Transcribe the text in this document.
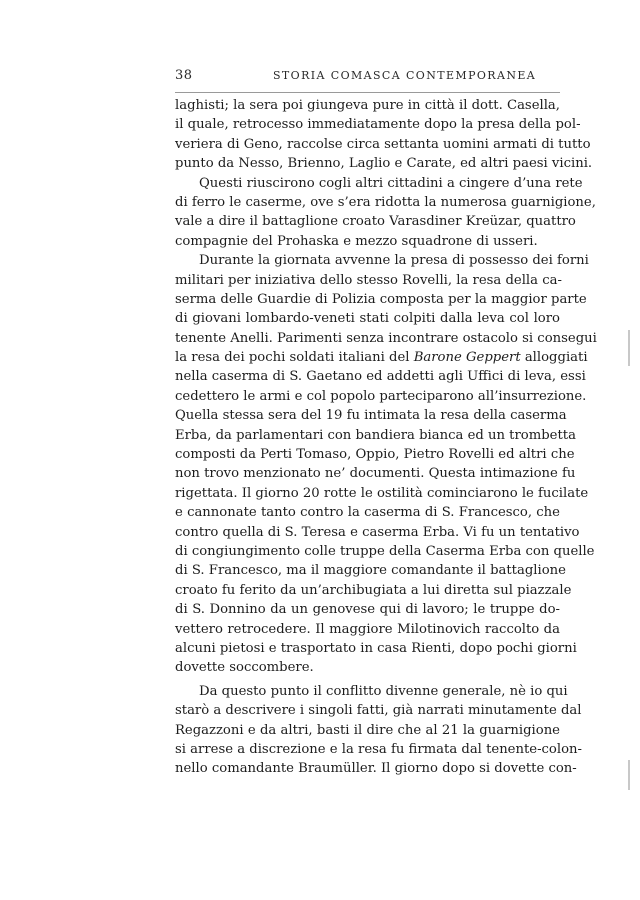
38	STORIA COMASCA CONTEMPORANEA
laghisti; la sera poi giungeva pure in città il dott. Casella,
il quale, retrocesso immediatamente dopo la presa della pol-
veriera di Geno, raccolse circa settanta uomini armati di tutto
punto da Nesso, Brienno, Laglio e Carate, ed altri paesi vicini.
Questi riuscirono cogli altri cittadini a cingere d’una rete
di ferro le caserme, ove s’era ridotta la numerosa guarnigione,
vale a dire il battaglione croato Varasdiner Kreüzar, quattro
compagnie del Prohaska e mezzo squadrone di usseri.
Durante la giornata avvenne la presa di possesso dei forni
militari per iniziativa dello stesso Rovelli, la resa della ca-
serma delle Guardie di Polizia composta per la maggior parte
di giovani lombardo-veneti stati colpiti dalla leva col loro
tenente Anelli. Parimenti senza incontrare ostacolo si consegui
la resa dei pochi soldati italiani del Barone Geppert alloggiati
nella caserma di S. Gaetano ed addetti agli Uffici di leva, essi
cedettero le armi e col popolo parteciparono all’insurrezione.
Quella stessa sera del 19 fu intimata la resa della caserma
Erba, da parlamentari con bandiera bianca ed un trombetta
composti da Perti Tomaso, Oppio, Pietro Rovelli ed altri che
non trovo menzionato ne’ documenti. Questa intimazione fu
rigettata. Il giorno 20 rotte le ostilità cominciarono le fucilate
e cannonate tanto contro la caserma di S. Francesco, che
contro quella di S. Teresa e caserma Erba. Vi fu un tentativo
di congiungimento colle truppe della Caserma Erba con quelle
di S. Francesco, ma il maggiore comandante il battaglione
croato fu ferito da un’archibugiata a lui diretta sul piazzale
di S. Donnino da un genovese qui di lavoro; le truppe do-
vettero retrocedere. Il maggiore Milotinovich raccolto da
alcuni pietosi e trasportato in casa Rienti, dopo pochi giorni
dovette soccombere.
Da questo punto il conflitto divenne generale, nè io qui
starò a descrivere i singoli fatti, già narrati minutamente dal
Regazzoni e da altri, basti il dire che al 21 la guarnigione
si arrese a discrezione e la resa fu firmata dal tenente-colon-
nello comandante Braumüller. Il giorno dopo si dovette con-
